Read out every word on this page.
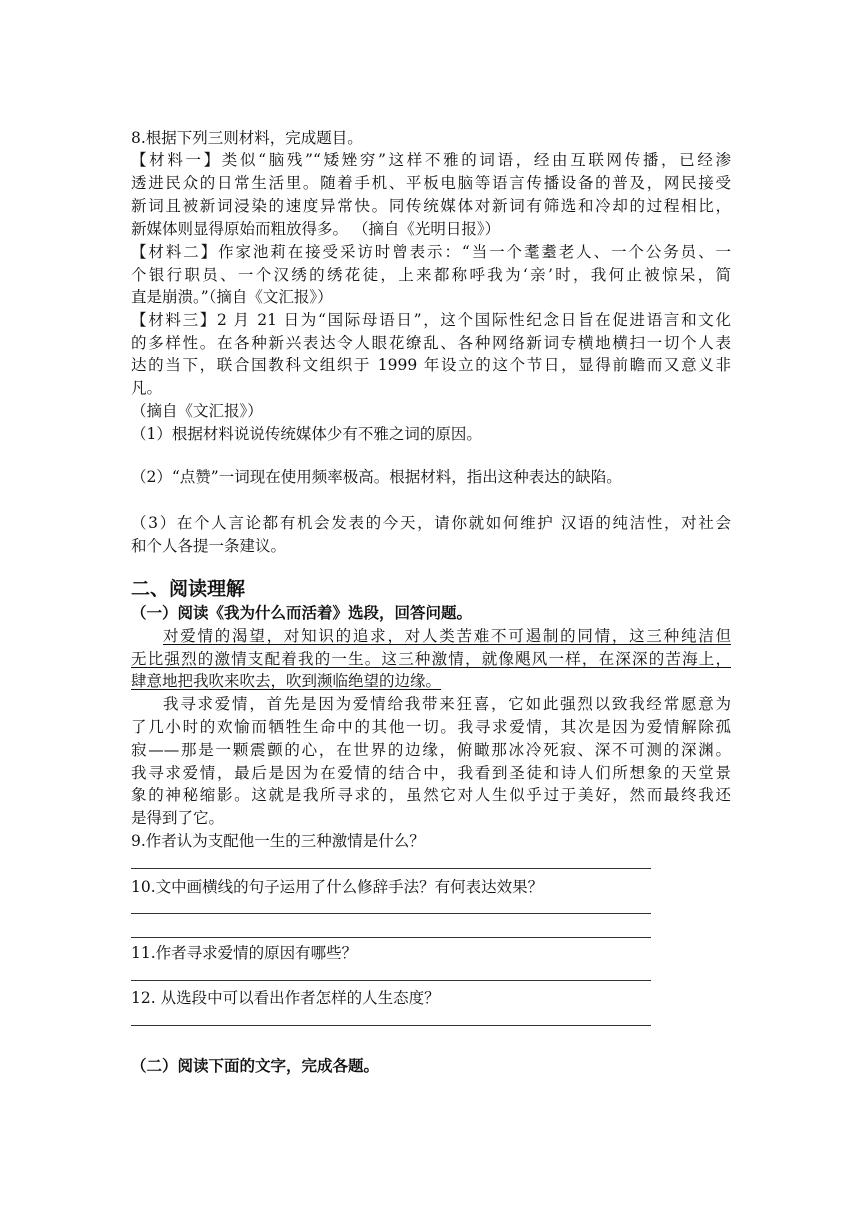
8.根据下列三则材料，完成题目。

【材料一】类似“脑残”“矮矬穷”这样不雅的词语，经由互联网传播，已经渗

透进民众的日常生活里。随着手机、平板电脑等语言传播设备的普及，网民接受

新词且被新词浸染的速度异常快。同传统媒体对新词有筛选和冷却的过程相比，

新媒体则显得原始而粗放得多。 （摘自《光明日报》）

【材料二】作家池莉在接受采访时曾表示：“当一个耄耋老人、一个公务员、一

个银行职员、一个汉绣的绣花徒，上来都称呼我为‘亲’时，我何止被惊呆，简

直是崩溃。”（摘自《文汇报》）

【材料三】2 月 21 日为“国际母语日”，这个国际性纪念日旨在促进语言和文化

的多样性。在各种新兴表达令人眼花缭乱、各种网络新词专横地横扫一切个人表

达的当下，联合国教科文组织于 1999 年设立的这个节日，显得前瞻而又意义非

凡。

（摘自《文汇报》）

（1）根据材料说说传统媒体少有不雅之词的原因。

（2）“点赞”一词现在使用频率极高。根据材料，指出这种表达的缺陷。

（3）在个人言论都有机会发表的今天，请你就如何维护 汉语的纯洁性，对社会

和个人各提一条建议。

二、阅读理解

（一）阅读《我为什么而活着》选段，回答问题。

对爱情的渴望，对知识的追求，对人类苦难不可遏制的同情，这三种纯洁但

无比强烈的激情支配着我的一生。这三种激情，就像飓风一样，在深深的苦海上，

肆意地把我吹来吹去，吹到濒临绝望的边缘。

我寻求爱情，首先是因为爱情给我带来狂喜，它如此强烈以致我经常愿意为

了几小时的欢愉而牺牲生命中的其他一切。我寻求爱情，其次是因为爱情解除孤

寂——那是一颗震颤的心，在世界的边缘，俯瞰那冰冷死寂、深不可测的深渊。

我寻求爱情，最后是因为在爱情的结合中，我看到圣徒和诗人们所想象的天堂景

象的神秘缩影。这就是我所寻求的，虽然它对人生似乎过于美好，然而最终我还

是得到了它。

9.作者认为支配他一生的三种激情是什么？

10.文中画横线的句子运用了什么修辞手法？有何表达效果？

11.作者寻求爱情的原因有哪些？

12. 从选段中可以看出作者怎样的人生态度？

（二）阅读下面的文字，完成各题。
